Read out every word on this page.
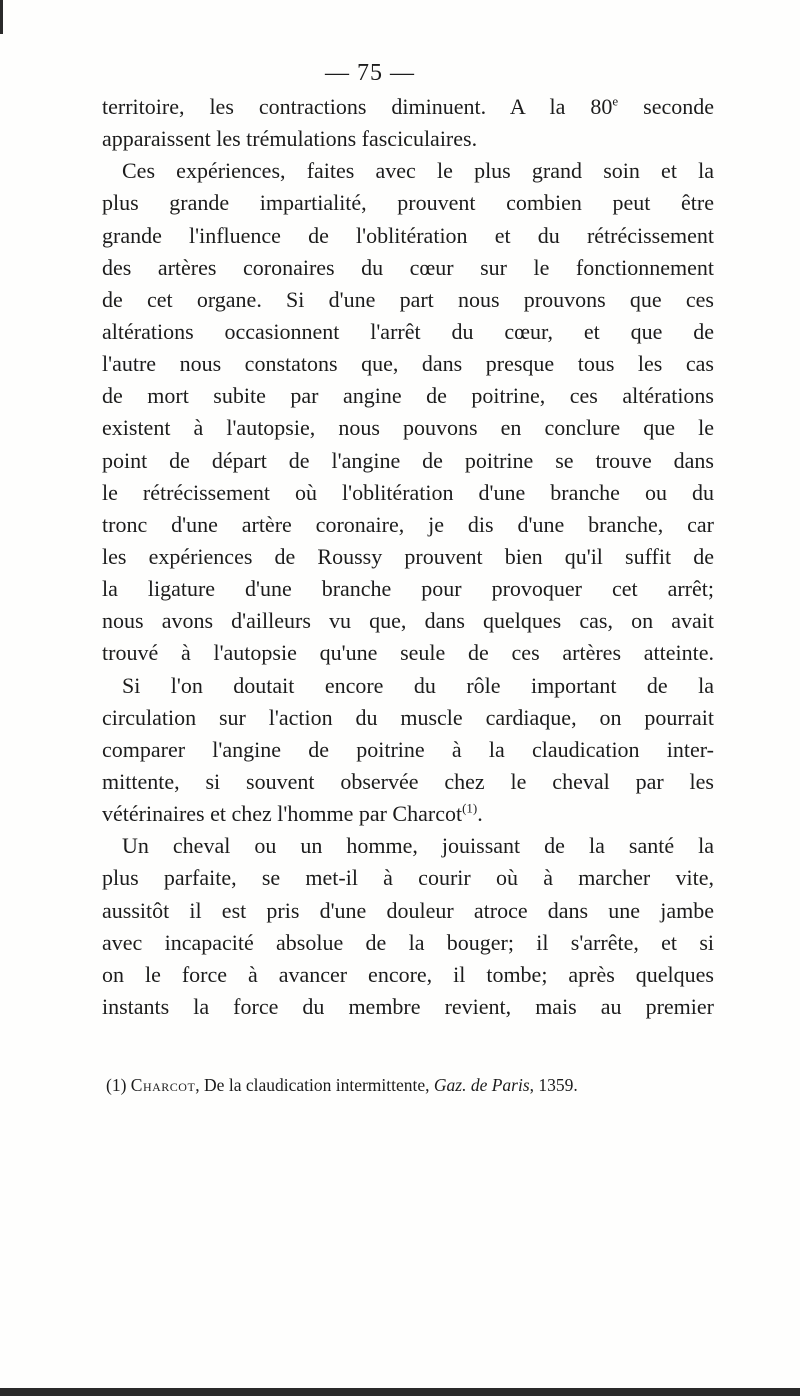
— 75 —
territoire, les contractions diminuent. A la 80e seconde
apparaissent les trémulations fasciculaires.
Ces expériences, faites avec le plus grand soin et la
plus grande impartialité, prouvent combien peut être
grande l'influence de l'oblitération et du rétrécissement
des artères coronaires du cœur sur le fonctionnement
de cet organe. Si d'une part nous prouvons que ces
altérations occasionnent l'arrêt du cœur, et que de
l'autre nous constatons que, dans presque tous les cas
de mort subite par angine de poitrine, ces altérations
existent à l'autopsie, nous pouvons en conclure que le
point de départ de l'angine de poitrine se trouve dans
le rétrécissement où l'oblitération d'une branche ou du
tronc d'une artère coronaire, je dis d'une branche, car
les expériences de Roussy prouvent bien qu'il suffit de
la ligature d'une branche pour provoquer cet arrêt;
nous avons d'ailleurs vu que, dans quelques cas, on avait
trouvé à l'autopsie qu'une seule de ces artères atteinte.
Si l'on doutait encore du rôle important de la
circulation sur l'action du muscle cardiaque, on pourrait
comparer l'angine de poitrine à la claudication inter-
mittente, si souvent observée chez le cheval par les
vétérinaires et chez l'homme par Charcot$^{(1)}$.
Un cheval ou un homme, jouissant de la santé la
plus parfaite, se met-il à courir où à marcher vite,
aussitôt il est pris d'une douleur atroce dans une jambe
avec incapacité absolue de la bouger; il s'arrête, et si
on le force à avancer encore, il tombe; après quelques
instants la force du membre revient, mais au premier
(1) Charcot, De la claudication intermittente, Gaz. de Paris, 1359.
